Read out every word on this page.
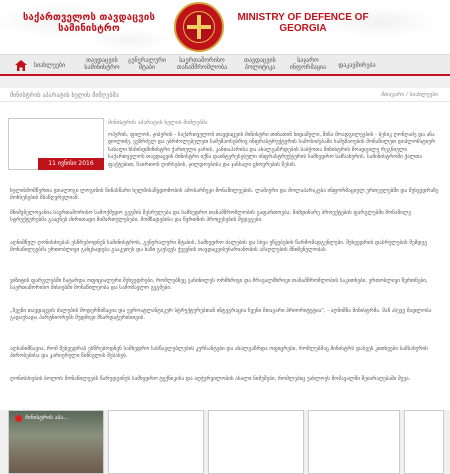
საქართველოს თავდაცვის სამინისტრო
MINISTRY OF DEFENCE OF GEORGIA
სიახლეები
თავდაცვის სამინისტრო
გენერალური შტაბი
საერთაშორისო თანამშრომლობა
თავდაცვის პოლიტიკა
საჯარო ინფორმაცია	დაკავშირება
მინისტრის აპარატის ხელის მიმღებმა	მთავარი / სიახლეები
11 ივნისი 2016
მინისტრის აპარატის ხელის მიმღებმა
ოპერის, ფილოს, ჯიბერის - საქართველოს თავდაცვის მინისტრი თინათინ ხიდაშელი, შინა მოადგილეების - ბესიკ ღონღაძე და ანა დოლიძე, ვეზრძელ და ებრძოლებელეთ სამუშაოსებრივ ინფრასტრუქტურის სამოსიძებაში სამუშაოების მონაწილეთ დიპლომატიურ სახალი ხსნისდმინისტრი ქართული ჯარის, კანთაჰარისა და ახალგაზრდების საბჭოთა მინისტრის მოადგილე რეგნიული საქართველოს თავდაცვის მინისტრი იქნა დაინტერესებული ინფრასტრუქტურის სამხედრო სამსახურის. სამინისტროში ქალთა ფაქტებით, ჩაირთოს ღირსების, ჯილდოებისა და ჯანსაღი ცხოვრების წესის.
ხელისმომწერთა დიალოგი ლოგინის წინასწარი ხელმისაწვდომობის ამოსარჩევი მონაწილეების, ლამიერი და მოლაპარაკება ინფორმაციულ ერთეულებში და შეხვედრაზე მოხსენებიბ მსაზღვრელიან.
მნიშვნელოვანია საერთაშორისო სამოქმედო გეგმის შესრულება და სამხედრო თანამშრომლობის გაფართოება. მიმდინარე პროექტების ფარგლებში მონაწილე სტრუქტურებმა გააცნეს ძირითადი მიმართულებები, მომზადებისა და წვრთნის პროცესების შედეგები.
აღნიშნულ ღონისძიებას ესწრებოდნენ სამინისტროს, გენერალური შტაბის, სამხედრო ძალების და სხვა უწყებების წარმომადგენლები. შეხვედრის დასრულების შემდეგ მონაწილეებმა ერთობლივი განცხადება გააკეთეს და ხაზი გაუსვეს ქვეყნის თავდაცვისუნარიანობის ამაღლების მნიშვნელობას.
ვიზიტის ფარგლებში ჩატარდა ოფიციალური შეხვედრები, რომლებზეც განიხილეს ორმხრივი და მრავალმხრივი თანამშრომლობის საკითხები, ერთობლივი წვრთნები, საერთაშორისო მისიებში მონაწილეობა და სამომავლო გეგმები.
„ჩვენი თავდაცვის ძალების მოდერნიზაცია და ევროატლანტიკურ სტრუქტურებთან ინტეგრაცია ჩვენი მთავარი პრიორიტეტია“, - აღნიშნა მინისტრმა. მან ასევე მადლობა გადაუხადა პარტნიორებს მუდმივი მხარდაჭერისთვის.
აღსანიშნავია, რომ შეხვედრას ესწრებოდნენ სამხედრო სასწავლებლების კურსანტები და ახალგაზრდა ოფიცრები, რომლებმაც მინისტრს დასვეს კითხვები სამსახურის პირობებისა და კარიერული წინსვლის შესახებ.
ღონისძიების ბოლოს მონაწილეებს წარუდგინეს სამხედრო ტექნიკისა და აღჭურვილობის ახალი ნიმუშები, რომლებიც უახლოეს მომავალში შეიარაღებაში შევა.
მინისტრის აპა...
